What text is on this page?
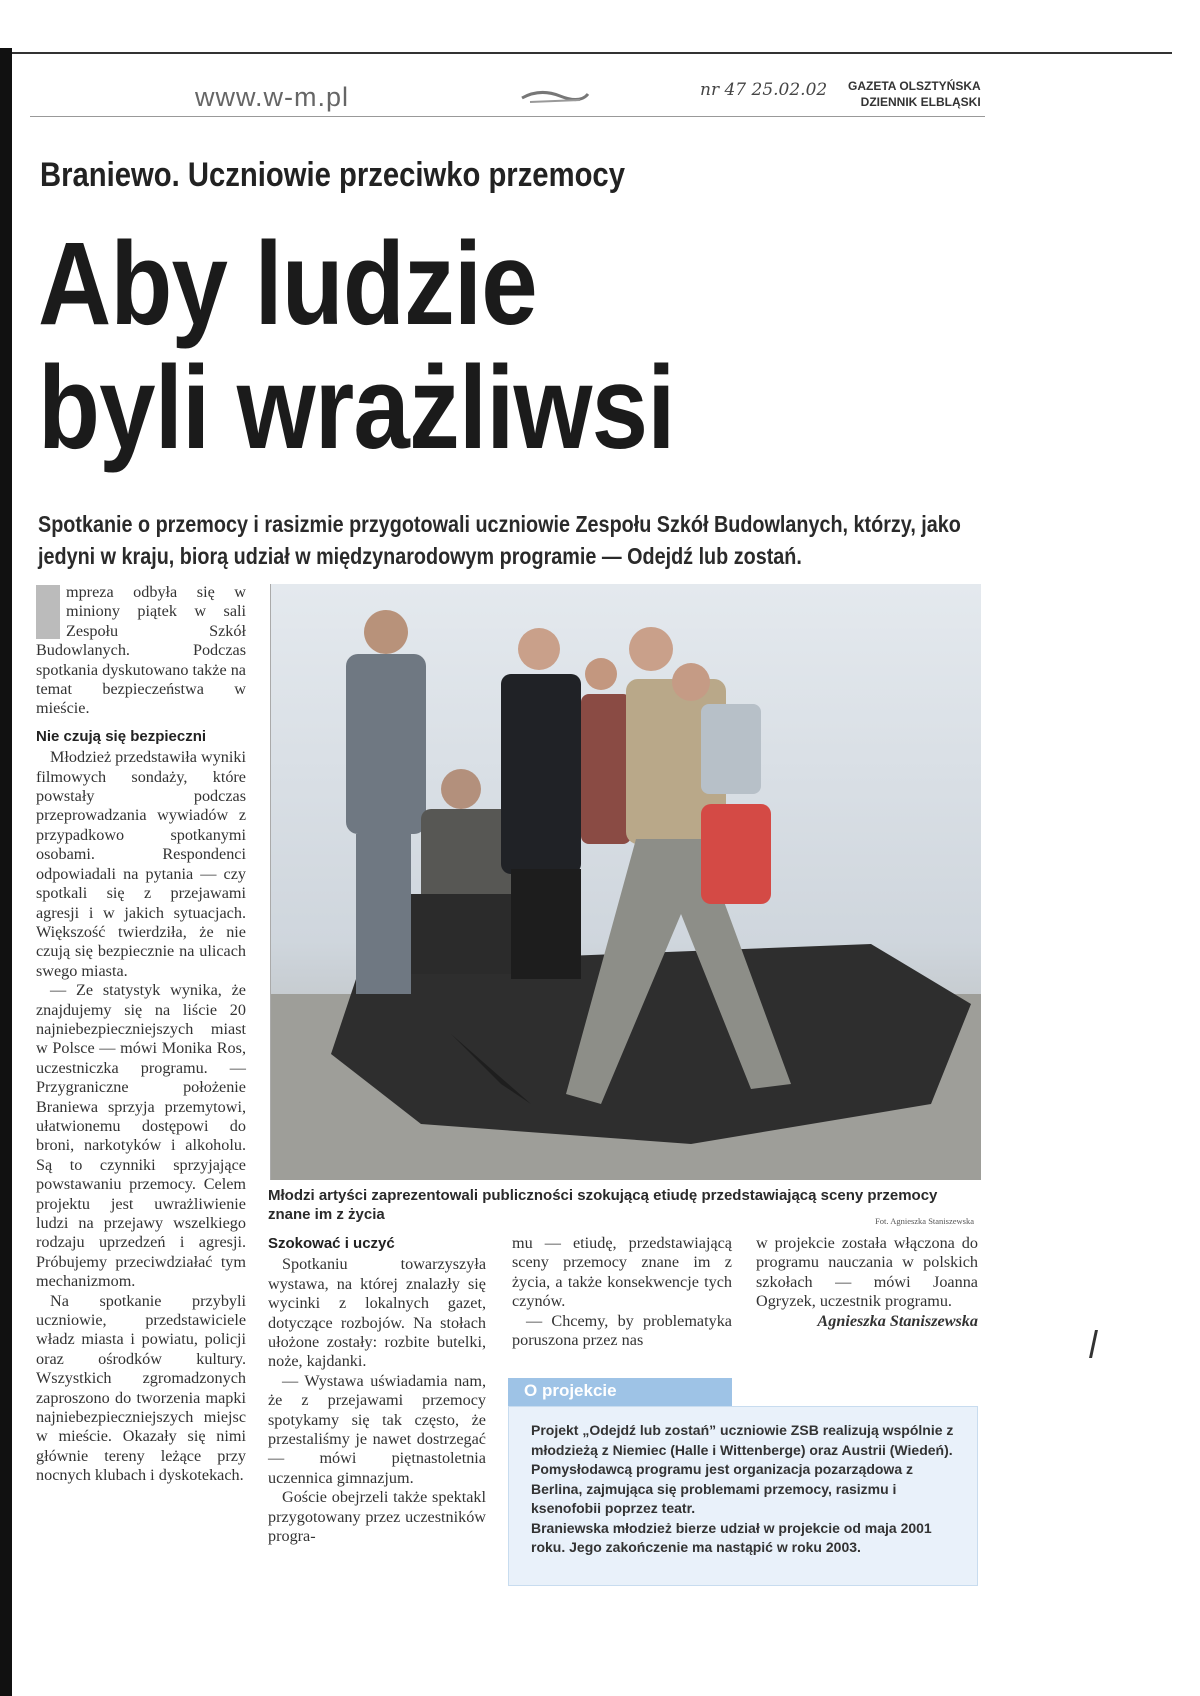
www.w-m.pl	nr 47 25.02.02 GAZETA OLSZTYŃSKA
DZIENNIK ELBLĄSKI
Braniewo. Uczniowie przeciwko przemocy
Aby ludzie
byli wrażliwsi
Spotkanie o przemocy i rasizmie przygotowali uczniowie Zespołu Szkół Budowlanych, którzy, jako jedyni w kraju, biorą udział w międzynarodowym programie — Odejdź lub zostań.

mpreza odbyła się w miniony piątek w sali Zespołu Szkół Budowlanych. Podczas spotkania dyskutowano także na temat bezpieczeństwa w mieście.

Nie czują się bezpieczni

Młodzież przedstawiła wyniki filmowych sondaży, które powstały podczas przeprowadzania wywiadów z przypadkowo spotkanymi osobami. Respondenci odpowiadali na pytania — czy spotkali się z przejawami agresji i w jakich sytuacjach. Większość twierdziła, że nie czują się bezpiecznie na ulicach swego miasta.

— Ze statystyk wynika, że znajdujemy się na liście 20 najniebezpieczniejszych miast w Polsce — mówi Monika Ros, uczestniczka programu. — Przygraniczne położenie Braniewa sprzyja przemytowi, ułatwionemu dostępowi do broni, narkotyków i alkoholu. Są to czynniki sprzyjające powstawaniu przemocy. Celem projektu jest uwrażliwienie ludzi na przejawy wszelkiego rodzaju uprzedzeń i agresji. Próbujemy przeciwdziałać tym mechanizmom.

Na spotkanie przybyli uczniowie, przedstawiciele władz miasta i powiatu, policji oraz ośrodków kultury. Wszystkich zgromadzonych zaproszono do tworzenia mapki najniebezpieczniejszych miejsc w mieście. Okazały się nimi głównie tereny leżące przy nocnych klubach i dyskotekach.

Młodzi artyści zaprezentowali publiczności szokującą etiudę przedstawiającą sceny przemocy znane im z życia	Fot. Agnieszka Staniszewska
Szokować i uczyć

Spotkaniu towarzyszyła wystawa, na której znalazły się wycinki z lokalnych gazet, dotyczące rozbojów. Na stołach ułożone zostały: rozbite butelki, noże, kajdanki.

— Wystawa uświadamia nam, że z przejawami przemocy spotykamy się tak często, że przestaliśmy je nawet dostrzegać — mówi piętnastoletnia uczennica gimnazjum.

Goście obejrzeli także spektakl przygotowany przez uczestników progra-

mu — etiudę, przedstawiającą sceny przemocy znane im z życia, a także konsekwencje tych czynów.

— Chcemy, by problematyka poruszona przez nas

w projekcie została włączona do programu nauczania w polskich szkołach — mówi Joanna Ogryzek, uczestnik programu.

Agnieszka Staniszewska

O projekcie

Projekt „Odejdź lub zostań” uczniowie ZSB realizują wspólnie z młodzieżą z Niemiec (Halle i Wittenberge) oraz Austrii (Wiedeń). Pomysłodawcą programu jest organizacja pozarządowa z Berlina, zajmująca się problemami przemocy, rasizmu i ksenofobii poprzez teatr.

Braniewska młodzież bierze udział w projekcie od maja 2001 roku. Jego zakończenie ma nastąpić w roku 2003.
